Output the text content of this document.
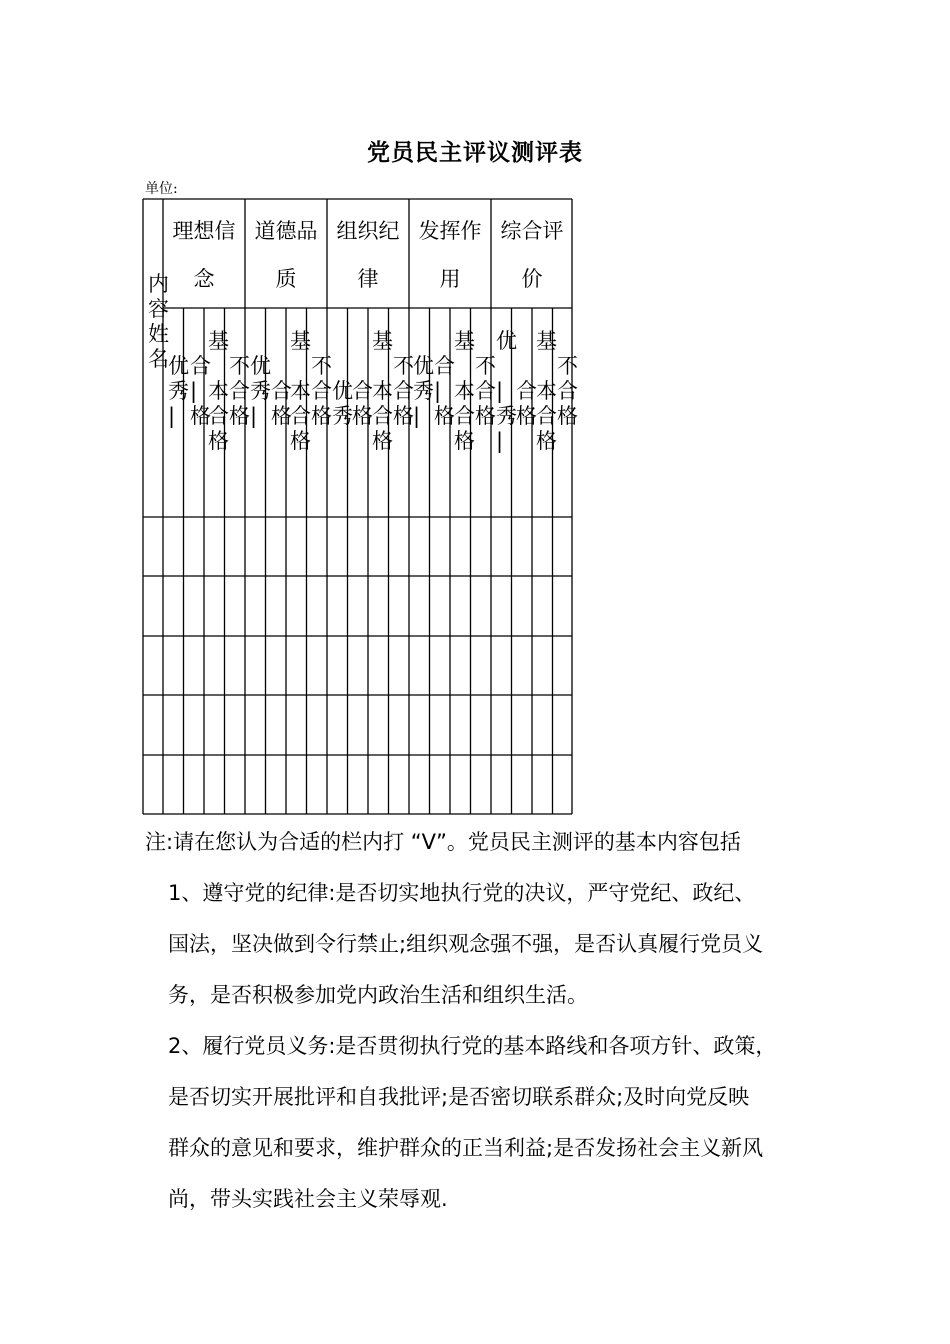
党员民主评议测评表
单位:
内
容
姓
名
理想信
念
道德品
质
组织纪
律
发挥作
用
综合评
价
优
秀
|
合
|
格
基

本
合
格
不
合
格
优
秀
|
合
格
基

本
合
格
不
合
格
优
秀
合
格
基

本
合
格
不
合
格
优
秀
|
合
|
格
基

本
合
格
不
合
格
优

|
秀
|
合
格
基

本
合
格
不
合
格
注:请在您认为合适的栏内打 “V”。党员民主测评的基本内容包括
1、遵守党的纪律:是否切实地执行党的决议，严守党纪、政纪、
国法，坚决做到令行禁止;组织观念强不强，是否认真履行党员义
务，是否积极参加党内政治生活和组织生活。
2、履行党员义务:是否贯彻执行党的基本路线和各项方针、政策，
是否切实开展批评和自我批评;是否密切联系群众;及时向党反映
群众的意见和要求，维护群众的正当利益;是否发扬社会主义新风
尚，带头实践社会主义荣辱观.
